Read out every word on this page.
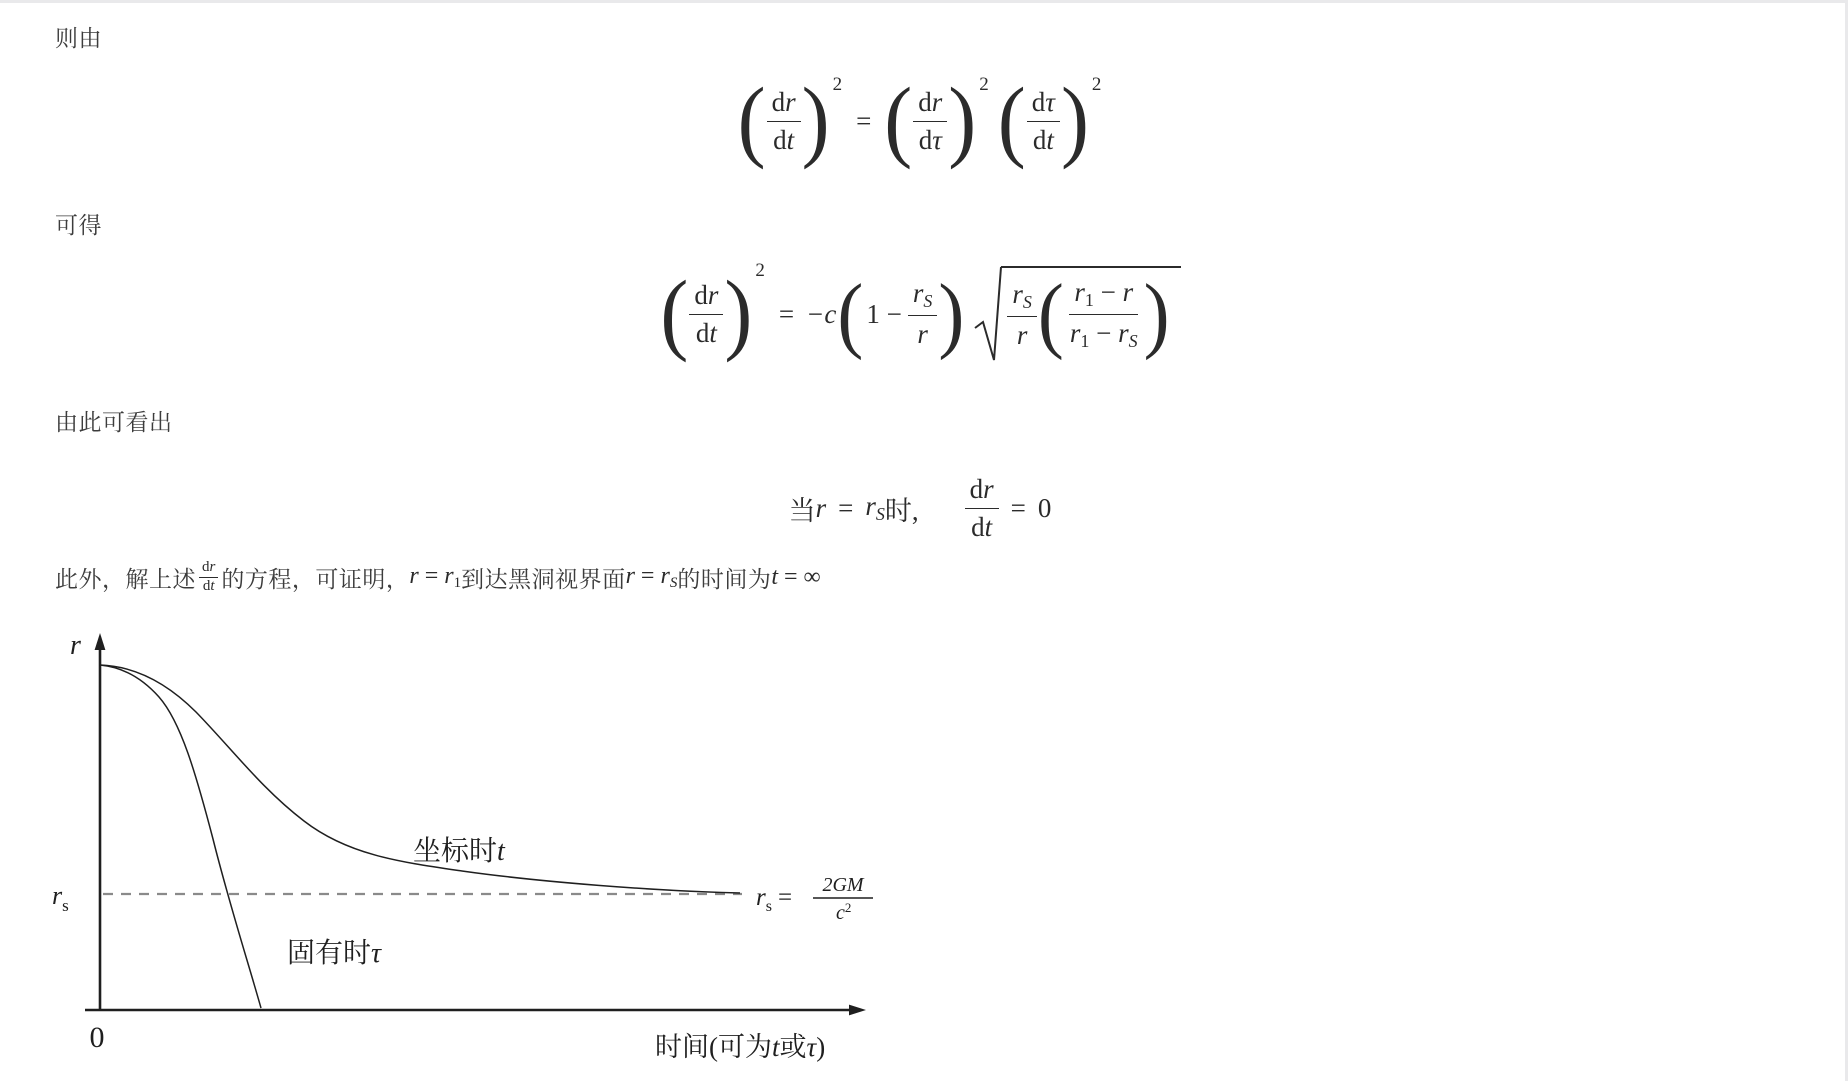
则由
( $\frac{dr}{dt}$ ) 2
= ( $\frac{dr}{d\tau}$ ) 2 ( $\frac{d\tau}{dt}$ ) 2
可得
( $\frac{dr}{dt}$ ) 2
= −c ( $1 - \frac{r_S}{r}$ ) $\frac{r_S}{r}$ ( $\frac{r_1 - r}{r_1 - r_S}$ )
由此可看出
当 $r = r_S$ 时, $\frac{dr}{dt} = 0$
此外，解上述 $\frac{dr}{dt}$ 的方程，可证明， r = r1 到达黑洞视界面 r = rS 的时间为 t = ∞
r
$r_s$	$r_s = 2GM$
$c^2$
坐标时t
固有时τ
0	时间(可为t或τ)
